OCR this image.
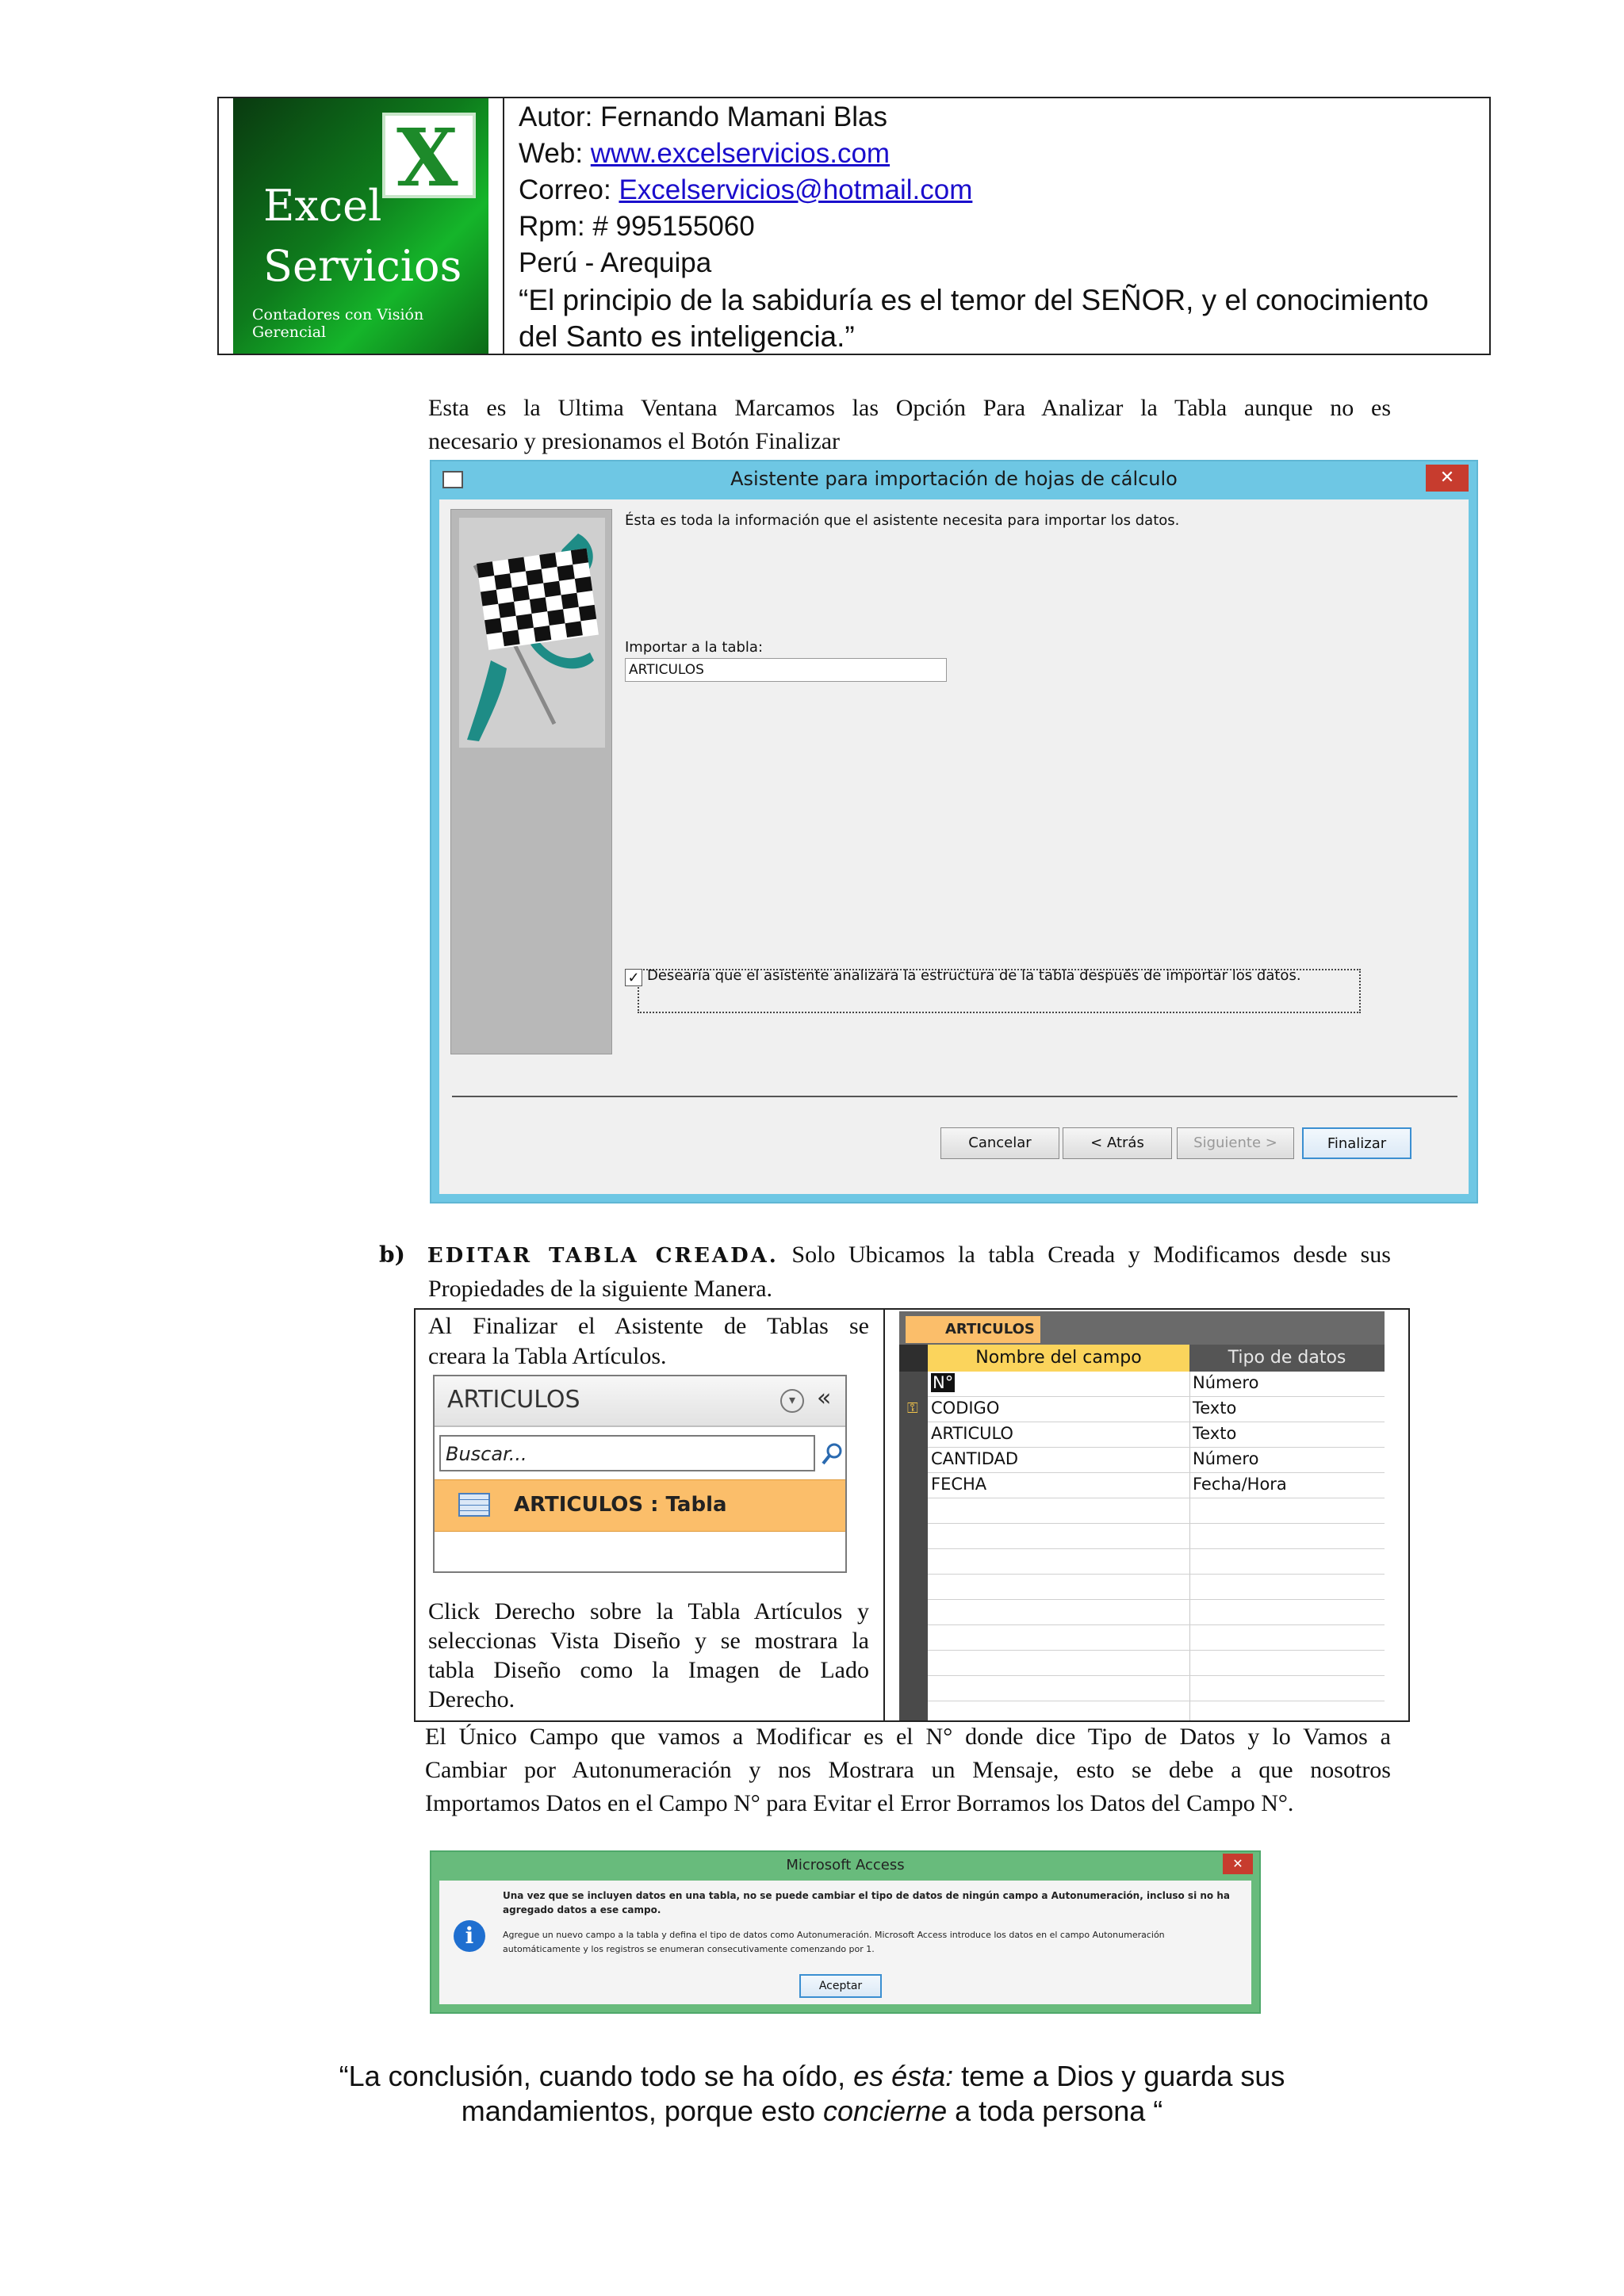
X
Excel
Servicios
Contadores con Visión Gerencial
Autor: Fernando Mamani Blas
Web: www.excelservicios.com
Correo: Excelservicios@hotmail.com
Rpm: # 995155060
Perú - Arequipa
“El principio de la sabiduría es el temor del SEÑOR, y el conocimiento
del Santo es inteligencia.”
Esta es la Ultima Ventana Marcamos las Opción Para Analizar la Tabla aunque no es
necesario y presionamos el Botón Finalizar
Asistente para importación de hojas de cálculo	✕
Ésta es toda la información que el asistente necesita para importar los datos.
Importar a la tabla:
ARTICULOS
✓ Desearía que el asistente analizara la estructura de la tabla después de importar los datos.
Cancelar	< Atrás	Siguiente >	Finalizar
b) EDITAR TABLA CREADA. Solo Ubicamos la tabla Creada y Modificamos desde sus
Propiedades de la siguiente Manera.
Al Finalizar el Asistente de Tablas se
creara la Tabla Artículos.
ARTICULOS	▾ «
Buscar...
ARTICULOS : Tabla
Click Derecho sobre la Tabla Artículos y
seleccionas Vista Diseño y se mostrara la
tabla Diseño como la Imagen de Lado
Derecho.
ARTICULOS
Nombre del campo	Tipo de datos
N°	Número
CODIGO	Texto
⚿
ARTICULO	Texto
CANTIDAD	Número
FECHA	Fecha/Hora
El Único Campo que vamos a Modificar es el N° donde dice Tipo de Datos y lo Vamos a
Cambiar por Autonumeración y nos Mostrara un Mensaje, esto se debe a que nosotros
Importamos Datos en el Campo N° para Evitar el Error Borramos los Datos del Campo N°.
Microsoft Access	✕
i
Una vez que se incluyen datos en una tabla, no se puede cambiar el tipo de datos de ningún campo a Autonumeración, incluso si no ha
agregado datos a ese campo.
Agregue un nuevo campo a la tabla y defina el tipo de datos como Autonumeración. Microsoft Access introduce los datos en el campo Autonumeración
automáticamente y los registros se enumeran consecutivamente comenzando por 1.
Aceptar
“La conclusión, cuando todo se ha oído, es ésta: teme a Dios y guarda sus
mandamientos, porque esto concierne a toda persona “
